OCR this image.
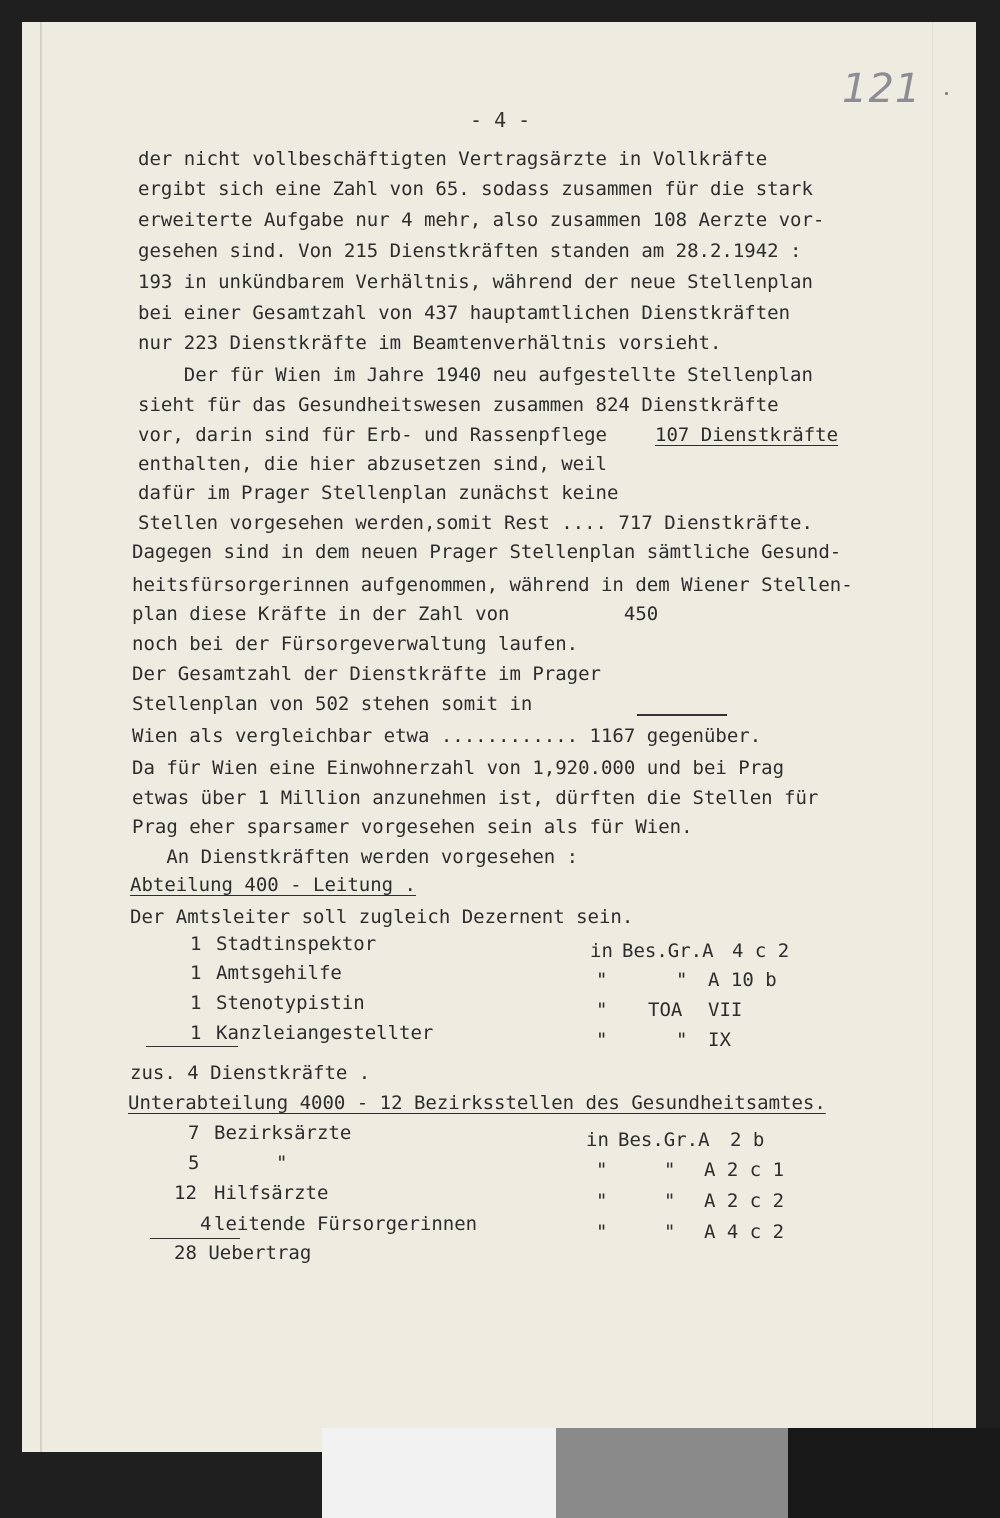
121
- 4 -
der nicht vollbeschäftigten Vertragsärzte in Vollkräfte
ergibt sich eine Zahl von 65. sodass zusammen für die stark
erweiterte Aufgabe nur 4 mehr, also zusammen 108 Aerzte vor-
gesehen sind. Von 215 Dienstkräften standen am 28.2.1942 :
193 in unkündbarem Verhältnis, während der neue Stellenplan
bei einer Gesamtzahl von 437 hauptamtlichen Dienstkräften
nur 223 Dienstkräfte im Beamtenverhältnis vorsieht.
Der für Wien im Jahre 1940 neu aufgestellte Stellenplan
sieht für das Gesundheitswesen zusammen 824 Dienstkräfte
vor, darin sind für Erb- und Rassenpflege	107 Dienstkräfte
enthalten, die hier abzusetzen sind, weil
dafür im Prager Stellenplan zunächst keine
Stellen vorgesehen werden,somit Rest .... 717 Dienstkräfte.
Dagegen sind in dem neuen Prager Stellenplan sämtliche Gesund-
heitsfürsorgerinnen aufgenommen, während in dem Wiener Stellen-
plan diese Kräfte in der Zahl von          450
noch bei der Fürsorgeverwaltung laufen.
Der Gesamtzahl der Dienstkräfte im Prager
Stellenplan von 502 stehen somit in
Wien als vergleichbar etwa ............ 1167 gegenüber.
Da für Wien eine Einwohnerzahl von 1,920.000 und bei Prag
etwas über 1 Million anzunehmen ist, dürften die Stellen für
Prag eher sparsamer vorgesehen sein als für Wien.
An Dienstkräften werden vorgesehen :
Abteilung 400 - Leitung .
Der Amtsleiter soll zugleich Dezernent sein.
1 Stadtinspektor	in Bes.Gr.A 4 c 2
1 Amtsgehilfe	"	" A 10 b
1 Stenotypistin	" TOA VII
1 Kanzleiangestellter	"	" IX
zus. 4 Dienstkräfte .
Unterabteilung 4000 - 12 Bezirksstellen des Gesundheitsamtes.
7 Bezirksärzte	in Bes.Gr.A 2 b
5	"	"	" A 2 c 1
12 Hilfsärzte	"	" A 2 c 2
4 leitende Fürsorgerinnen	"	" A 4 c 2
28 Uebertrag
